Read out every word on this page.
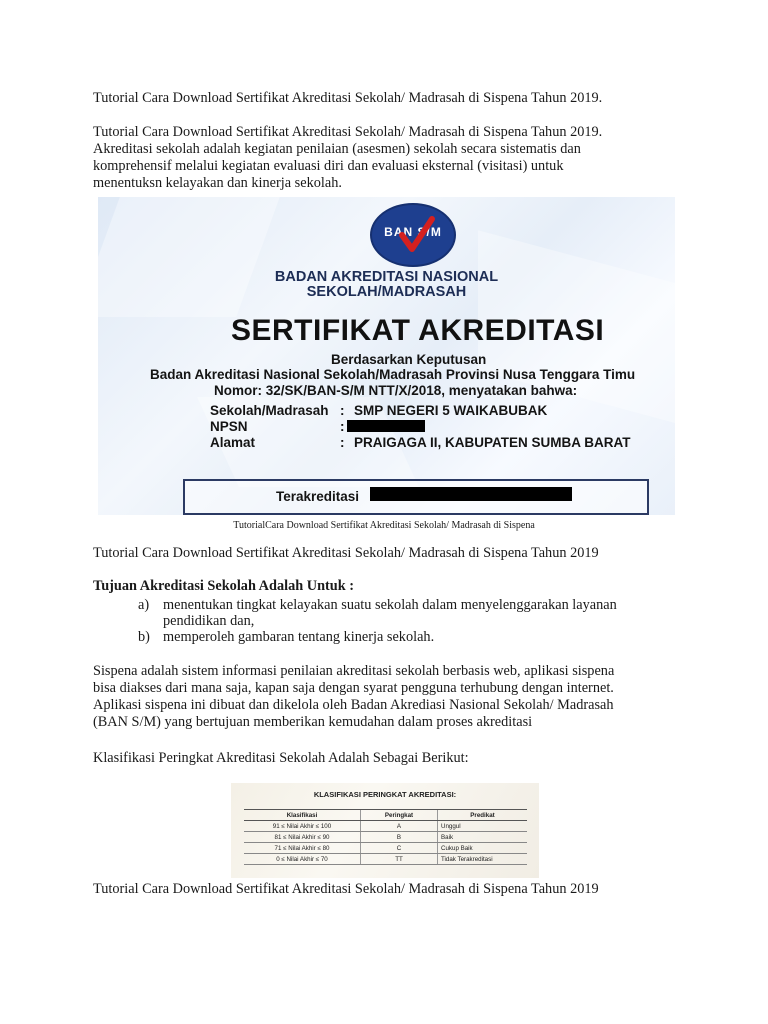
Tutorial Cara Download Sertifikat Akreditasi Sekolah/ Madrasah di Sispena Tahun 2019.

Tutorial Cara Download Sertifikat Akreditasi Sekolah/ Madrasah di Sispena Tahun 2019.

Akreditasi sekolah adalah kegiatan penilaian (asesmen) sekolah secara sistematis dan

komprehensif melalui kegiatan evaluasi diri dan evaluasi eksternal (visitasi) untuk

menentuksn kelayakan dan kinerja sekolah.

BAN S/M
BADAN AKREDITASI NASIONAL
SEKOLAH/MADRASAH
SERTIFIKAT AKREDITASI
Berdasarkan Keputusan
Badan Akreditasi Nasional Sekolah/Madrasah Provinsi Nusa Tenggara Timu
Nomor: 32/SK/BAN-S/M NTT/X/2018, menyatakan bahwa:
Sekolah/Madrasah : SMP NEGERI 5 WAIKABUBAK
NPSN	:
Alamat	: PRAIGAGA II, KABUPATEN SUMBA BARAT
Terakreditasi
TutorialCara Download Sertifikat Akreditasi Sekolah/ Madrasah di Sispena

Tutorial Cara Download Sertifikat Akreditasi Sekolah/ Madrasah di Sispena Tahun 2019

Tujuan Akreditasi Sekolah Adalah Untuk :

a) menentukan tingkat kelayakan suatu sekolah dalam menyelenggarakan layanan
pendidikan dan,
b) memperoleh gambaran tentang kinerja sekolah.

Sispena adalah sistem informasi penilaian akreditasi sekolah berbasis web, aplikasi sispena

bisa diakses dari mana saja, kapan saja dengan syarat pengguna terhubung dengan internet.

Aplikasi sispena ini dibuat dan dikelola oleh Badan Akrediasi Nasional Sekolah/ Madrasah

(BAN S/M) yang bertujuan memberikan kemudahan dalam proses akreditasi

Klasifikasi Peringkat Akreditasi Sekolah Adalah Sebagai Berikut:

KLASIFIKASI PERINGKAT AKREDITASI:
Klasifikasi	Peringkat	Predikat
91 ≤ Nilai Akhir ≤ 100	A	Unggul
81 ≤ Nilai Akhir ≤ 90	B	Baik
71 ≤ Nilai Akhir ≤ 80	C	Cukup Baik
0 ≤ Nilai Akhir ≤ 70	TT	Tidak Terakreditasi

Tutorial Cara Download Sertifikat Akreditasi Sekolah/ Madrasah di Sispena Tahun 2019
